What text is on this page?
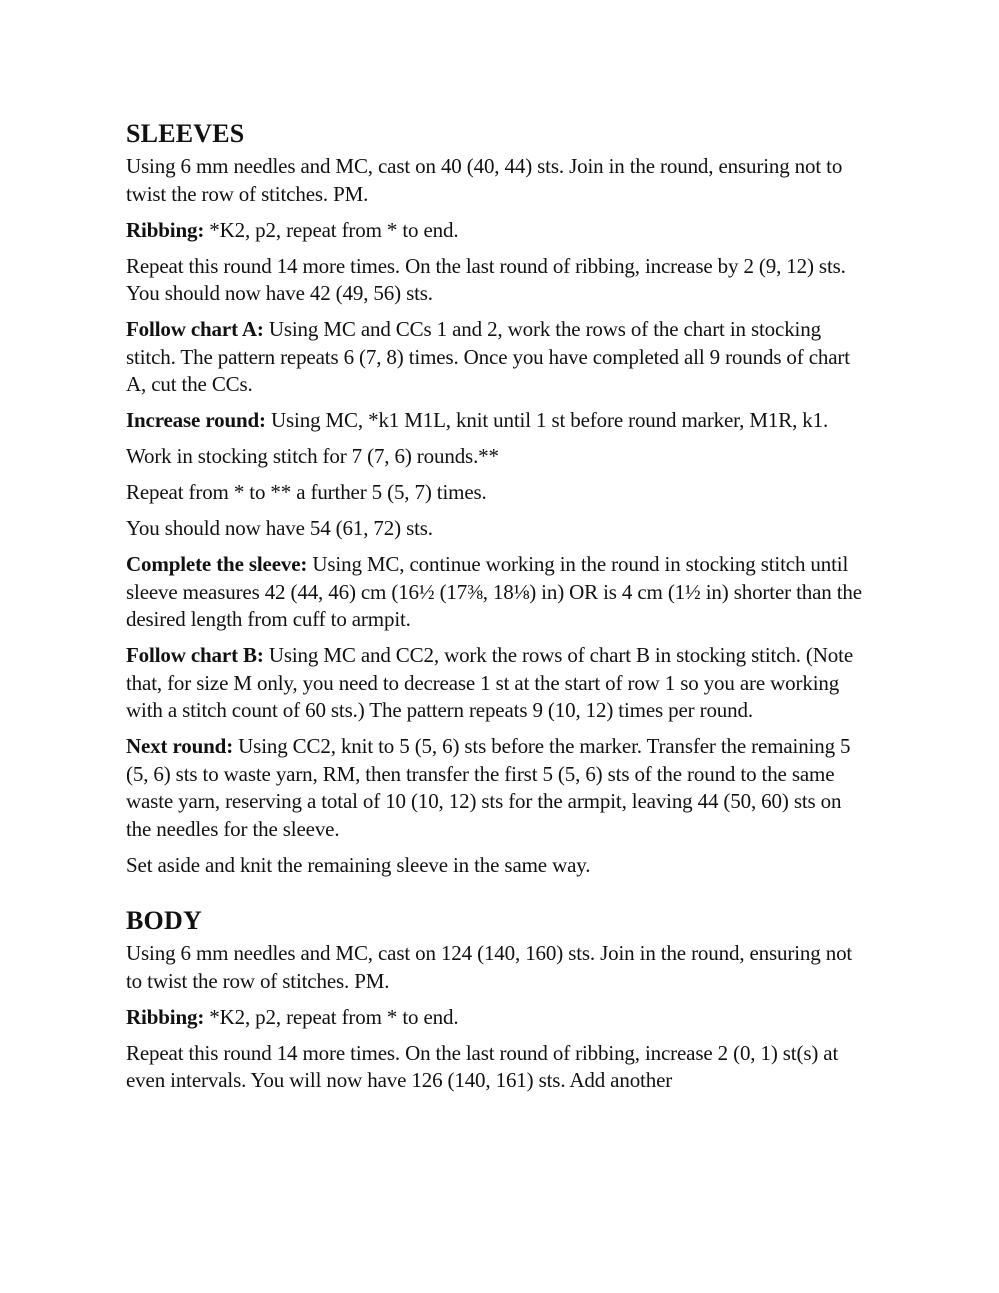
SLEEVES

Using 6 mm needles and MC, cast on 40 (40, 44) sts. Join in the round, ensuring not to twist the row of stitches. PM.

Ribbing: *K2, p2, repeat from * to end.

Repeat this round 14 more times. On the last round of ribbing, increase by 2 (9, 12) sts. You should now have 42 (49, 56) sts.

Follow chart A: Using MC and CCs 1 and 2, work the rows of the chart in stocking stitch. The pattern repeats 6 (7, 8) times. Once you have completed all 9 rounds of chart A, cut the CCs.

Increase round: Using MC, *k1 M1L, knit until 1 st before round marker, M1R, k1.

Work in stocking stitch for 7 (7, 6) rounds.**

Repeat from * to ** a further 5 (5, 7) times.

You should now have 54 (61, 72) sts.

Complete the sleeve: Using MC, continue working in the round in stocking stitch until sleeve measures 42 (44, 46) cm (16½ (17⅜, 18⅛) in) OR is 4 cm (1½ in) shorter than the desired length from cuff to armpit.

Follow chart B: Using MC and CC2, work the rows of chart B in stocking stitch. (Note that, for size M only, you need to decrease 1 st at the start of row 1 so you are working with a stitch count of 60 sts.) The pattern repeats 9 (10, 12) times per round.

Next round: Using CC2, knit to 5 (5, 6) sts before the marker. Transfer the remaining 5 (5, 6) sts to waste yarn, RM, then transfer the first 5 (5, 6) sts of the round to the same waste yarn, reserving a total of 10 (10, 12) sts for the armpit, leaving 44 (50, 60) sts on the needles for the sleeve.

Set aside and knit the remaining sleeve in the same way.

BODY

Using 6 mm needles and MC, cast on 124 (140, 160) sts. Join in the round, ensuring not to twist the row of stitches. PM.

Ribbing: *K2, p2, repeat from * to end.

Repeat this round 14 more times. On the last round of ribbing, increase 2 (0, 1) st(s) at even intervals. You will now have 126 (140, 161) sts. Add another
